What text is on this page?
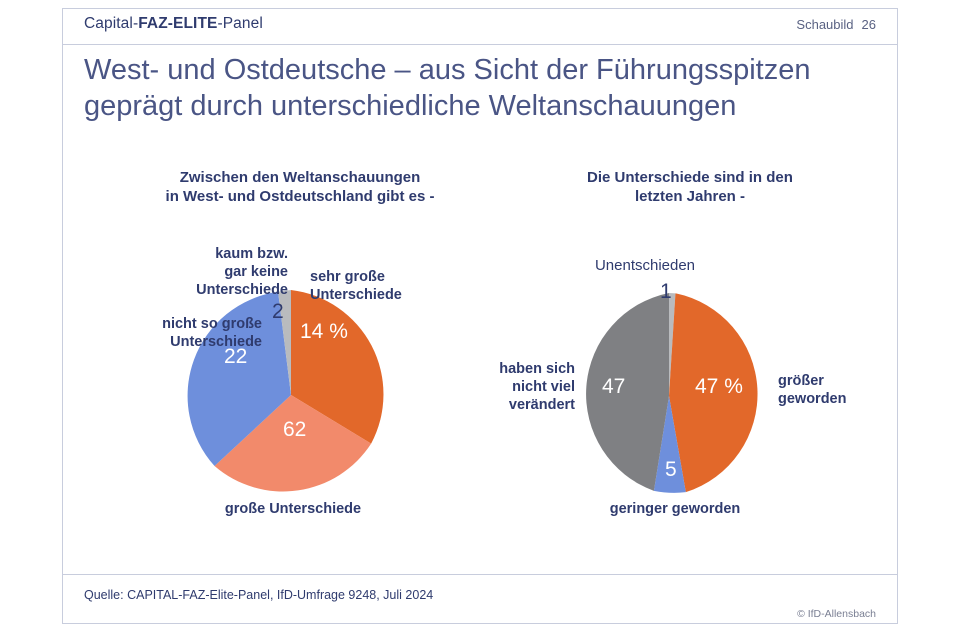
Capital-FAZ-ELITE-Panel	Schaubild 26
West- und Ostdeutsche – aus Sicht der Führungsspitzen
geprägt durch unterschiedliche Weltanschauungen
Zwischen den Weltanschauungen
in West- und Ostdeutschland gibt es -
sehr große
Unterschiede
14 %
große Unterschiede
62
nicht so große
Unterschiede
22
kaum bzw.
gar keine
Unterschiede
2
Die Unterschiede sind in den
letzten Jahren -
größer
geworden
47 %
geringer geworden
5
haben sich
nicht viel
verändert
47
Unentschieden
1
Quelle: CAPITAL-FAZ-Elite-Panel, IfD-Umfrage 9248, Juli 2024
© IfD-Allensbach
